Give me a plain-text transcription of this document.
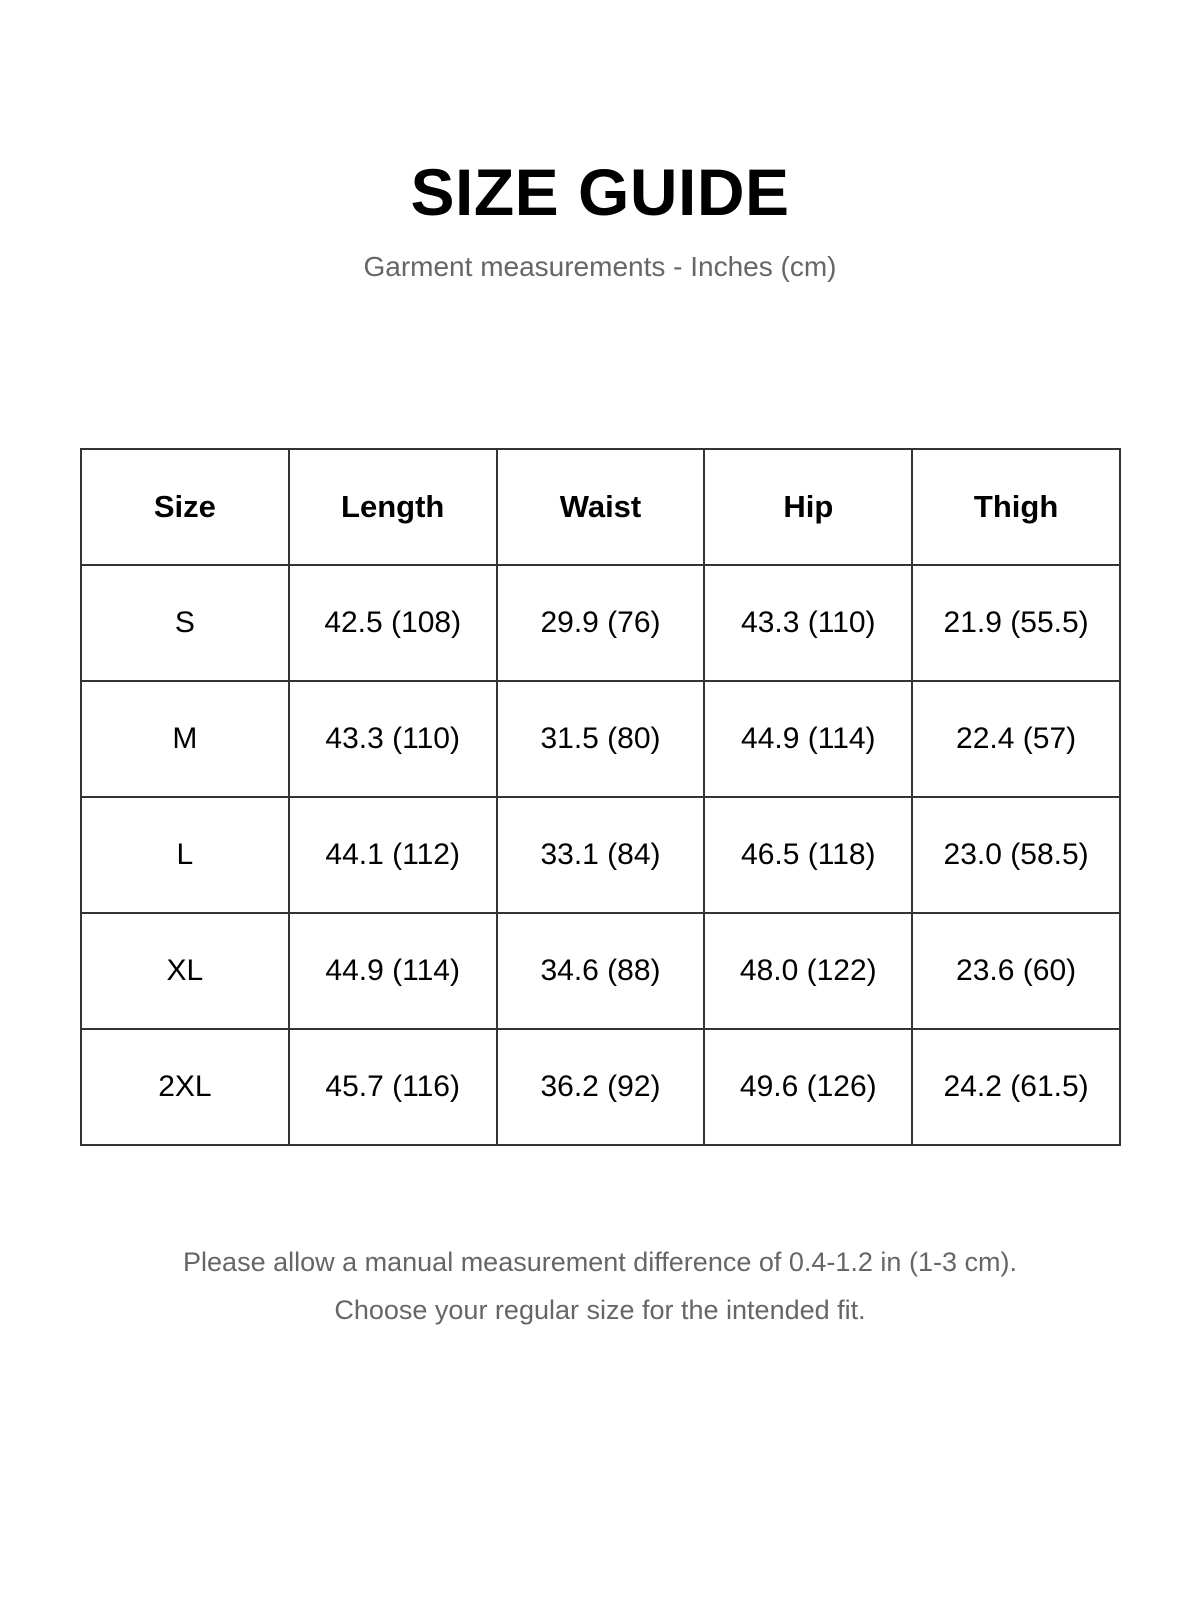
SIZE GUIDE

Garment measurements - Inches (cm)

Size	Length	Waist	Hip	Thigh
S	42.5 (108)	29.9 (76)	43.3 (110)	21.9 (55.5)
M	43.3 (110)	31.5 (80)	44.9 (114)	22.4 (57)
L	44.1 (112)	33.1 (84)	46.5 (118)	23.0 (58.5)
XL	44.9 (114)	34.6 (88)	48.0 (122)	23.6 (60)
2XL	45.7 (116)	36.2 (92)	49.6 (126)	24.2 (61.5)

Please allow a manual measurement difference of 0.4-1.2 in (1-3 cm).

Choose your regular size for the intended fit.
